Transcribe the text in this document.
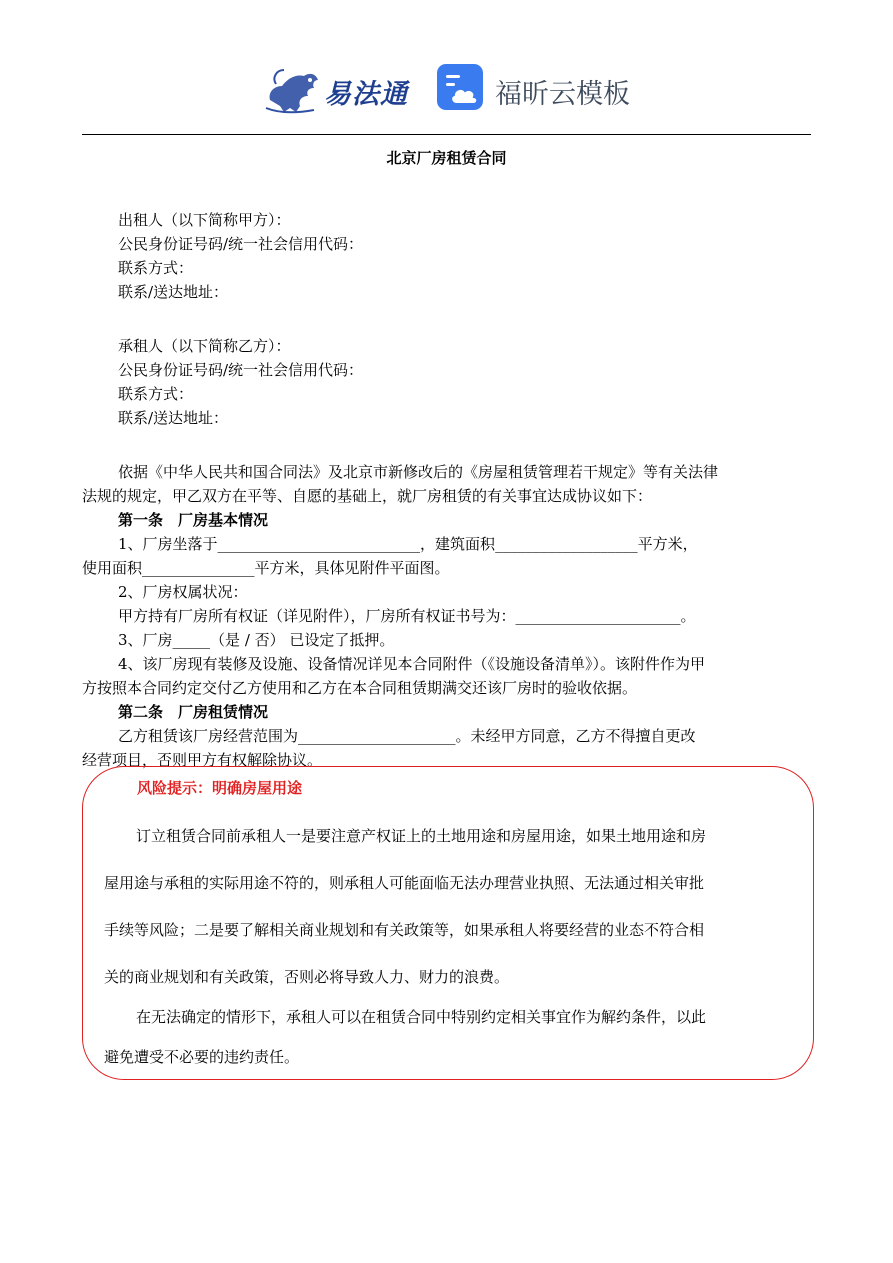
易法通	福昕云模板
北京厂房租赁合同
出租人（以下简称甲方）：
公民身份证号码/统一社会信用代码：
联系方式：
联系/送达地址：
承租人（以下简称乙方）：
公民身份证号码/统一社会信用代码：
联系方式：
联系/送达地址：
依据《中华人民共和国合同法》及北京市新修改后的《房屋租赁管理若干规定》等有关法律
法规的规定，甲乙双方在平等、自愿的基础上，就厂房租赁的有关事宜达成协议如下：
第一条　厂房基本情况
1、厂房坐落于___________________________，建筑面积___________________平方米，
使用面积_______________平方米，具体见附件平面图。
2、厂房权属状况：
甲方持有厂房所有权证（详见附件），厂房所有权证书号为：______________________。
3、厂房_____（是 / 否） 已设定了抵押。
4、该厂房现有装修及设施、设备情况详见本合同附件（《设施设备清单》）。该附件作为甲
方按照本合同约定交付乙方使用和乙方在本合同租赁期满交还该厂房时的验收依据。
第二条　厂房租赁情况
乙方租赁该厂房经营范围为_____________________。未经甲方同意，乙方不得擅自更改
经营项目，否则甲方有权解除协议。
风险提示：明确房屋用途
订立租赁合同前承租人一是要注意产权证上的土地用途和房屋用途，如果土地用途和房
屋用途与承租的实际用途不符的，则承租人可能面临无法办理营业执照、无法通过相关审批
手续等风险；二是要了解相关商业规划和有关政策等，如果承租人将要经营的业态不符合相
关的商业规划和有关政策，否则必将导致人力、财力的浪费。
在无法确定的情形下，承租人可以在租赁合同中特别约定相关事宜作为解约条件，以此
避免遭受不必要的违约责任。
